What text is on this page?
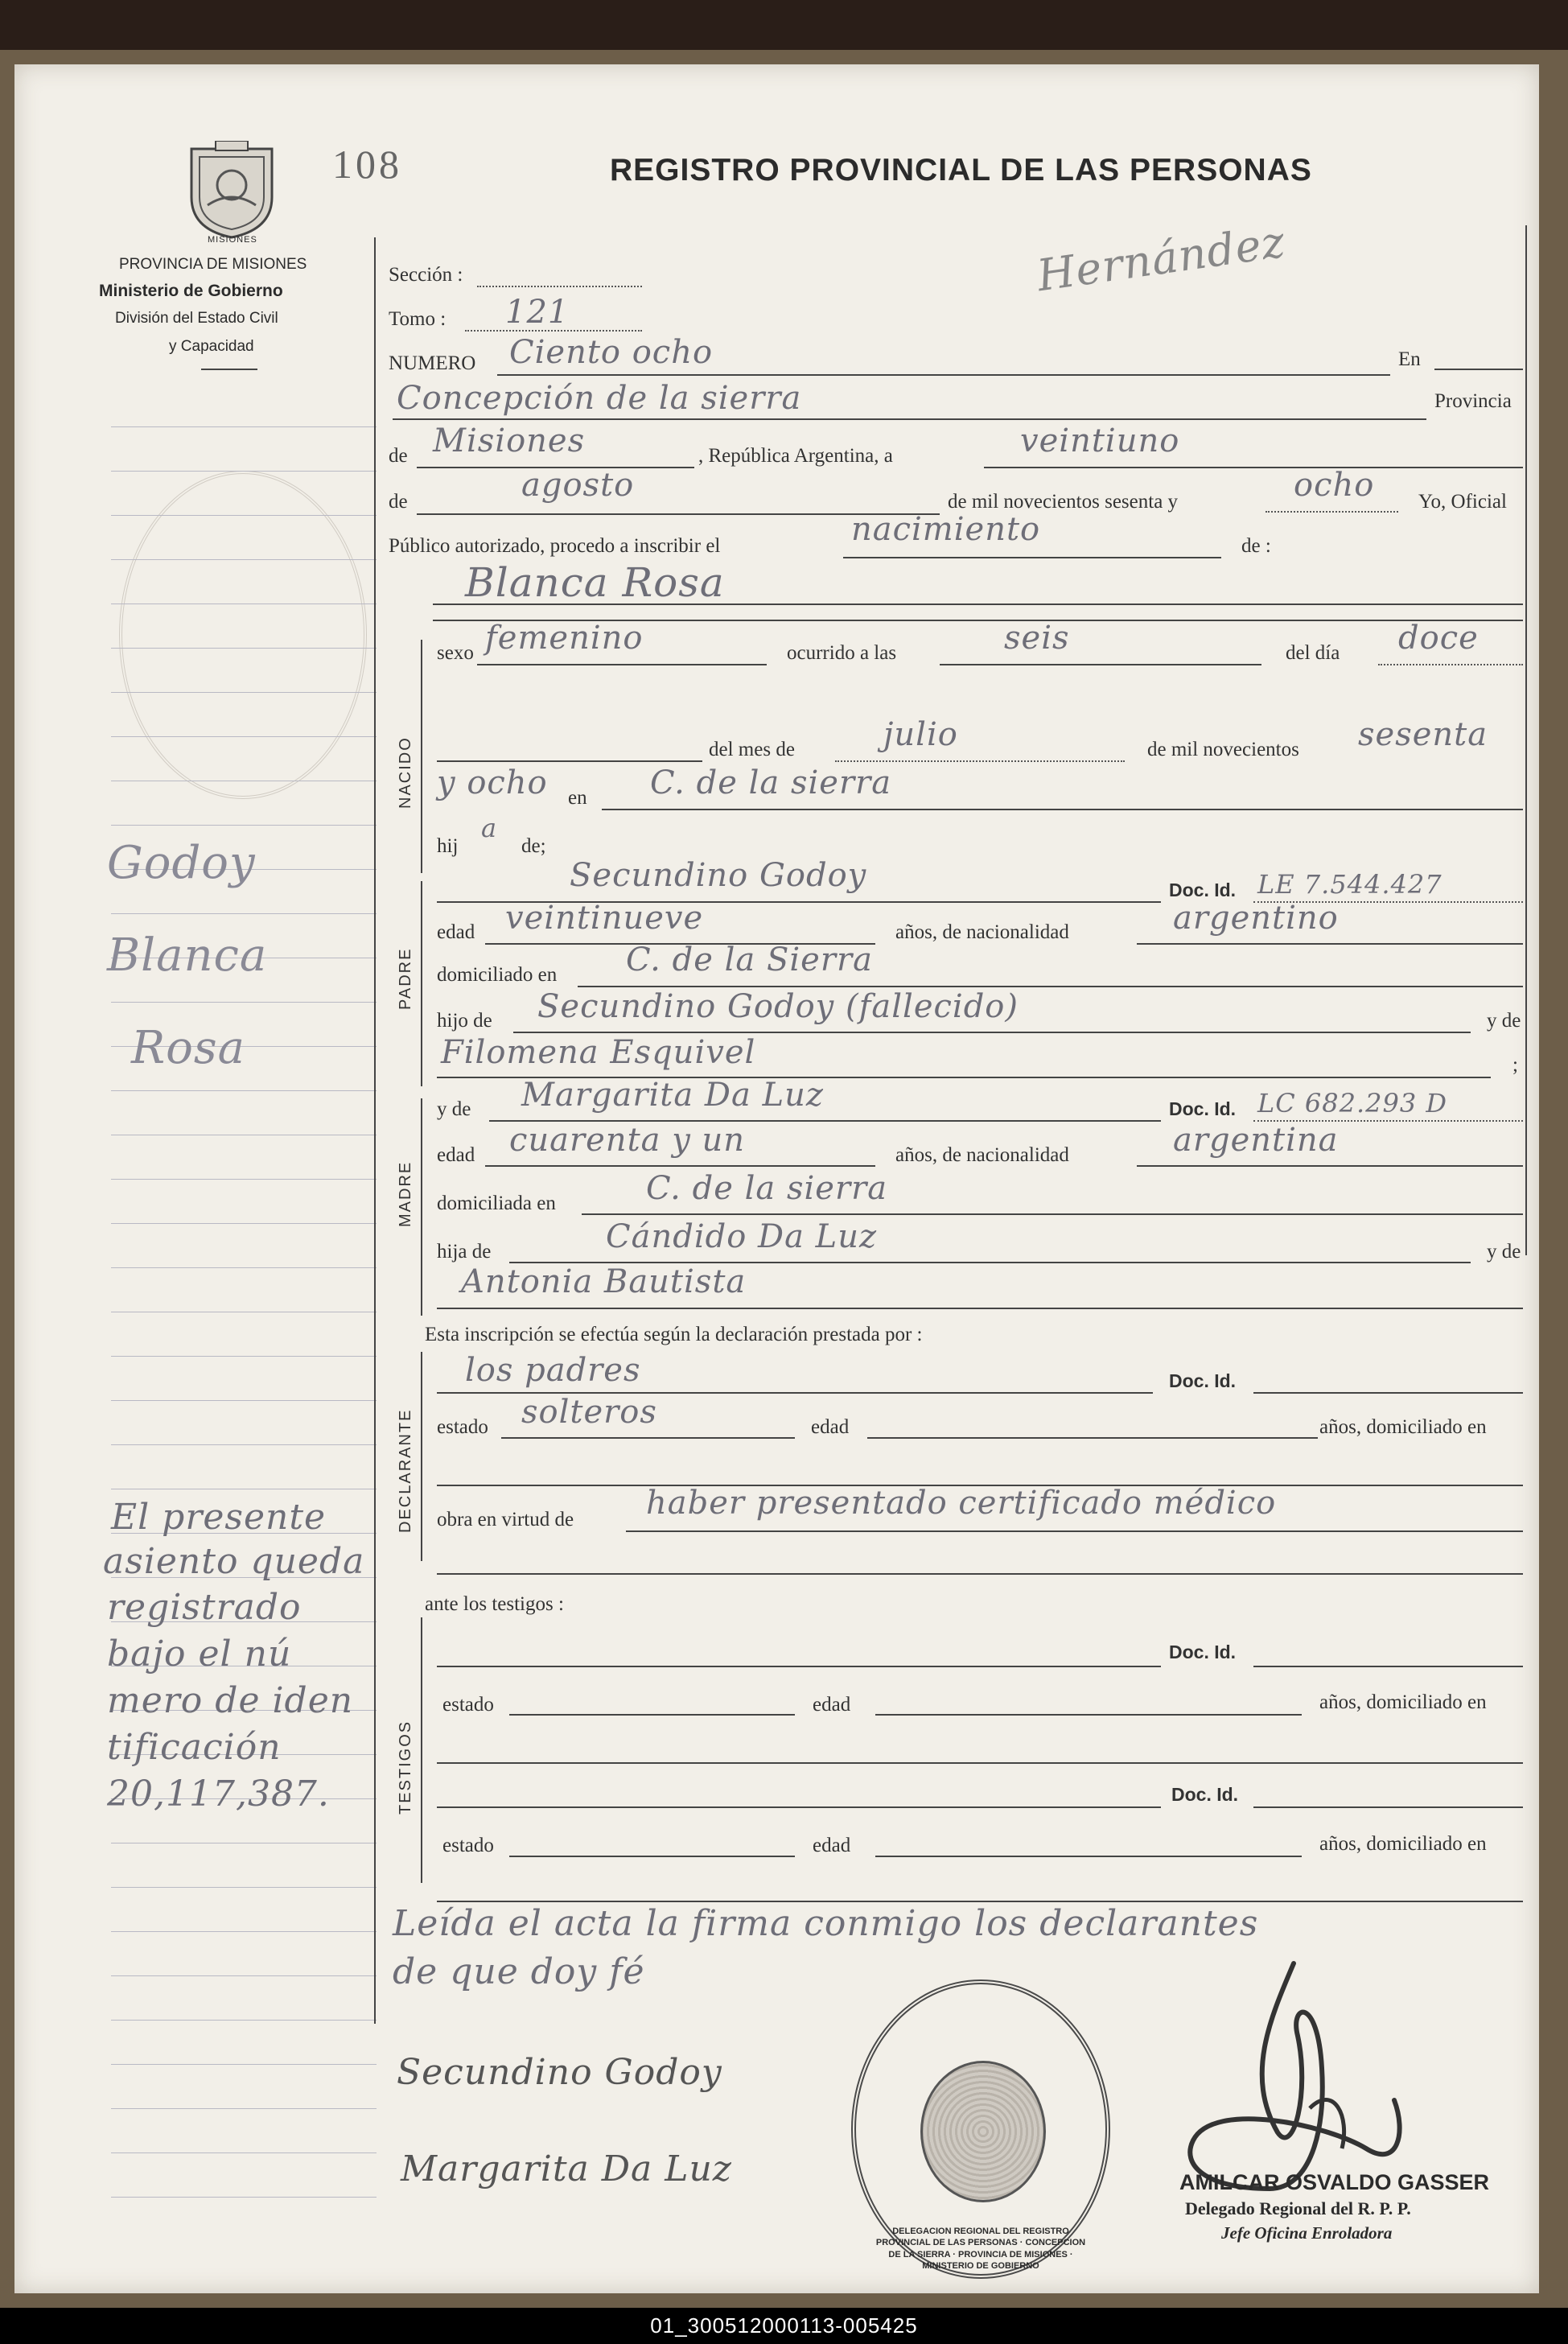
MISIONES
PROVINCIA DE MISIONES
Ministerio de Gobierno
División del Estado Civil
y Capacidad
Godoy
Blanca
Rosa
El presente
asiento queda
registrado
bajo el nú
mero de iden
tificación
20,117,387.
108	REGISTRO PROVINCIAL DE LAS PERSONAS
Hernández
Sección :
Tomo : 121
NUMERO Ciento ocho	En
Concepción de la sierra	Provincia
de Misiones	, República Argentina, a	veintiuno
de	agosto	de mil novecientos sesenta y	ocho Yo, Oficial
Público autorizado, procedo a inscribir el	nacimiento	de :
Blanca Rosa
NACIDO
sexo femenino	ocurrido a las	seis	del día doce
del mes de	julio	de mil novecientos sesenta
y ocho en C. de la sierra
hij
a
de;
PADRE
Secundino Godoy	Doc. Id. LE 7.544.427
edad veintinueve	años, de nacionalidad	argentino
domiciliado en C. de la Sierra
hijo de Secundino Godoy (fallecido)	y de
Filomena Esquivel	;
MADRE
y de Margarita Da Luz	Doc. Id. LC 682.293 D
edad cuarenta y un	años, de nacionalidad	argentina
domiciliada en	C. de la sierra
hija de	Cándido Da Luz	y de
Antonia Bautista
Esta inscripción se efectúa según la declaración prestada por :
DECLARANTE
los padres	Doc. Id.
estado solteros	edad	años, domiciliado en
obra en virtud de haber presentado certificado médico
ante los testigos :
TESTIGOS
Doc. Id.
estado	edad	años, domiciliado en
Doc. Id.
estado	edad	años, domiciliado en
Leída el acta la firma conmigo los declarantes
de que doy fé
Secundino Godoy
Margarita Da Luz
DELEGACION REGIONAL DEL REGISTRO PROVINCIAL DE LAS PERSONAS · CONCEPCION DE LA SIERRA · PROVINCIA DE MISIONES · MINISTERIO DE GOBIERNO
AMILCAR OSVALDO GASSER
Delegado Regional del R. P. P.
Jefe Oficina Enroladora
01_300512000113-005425
